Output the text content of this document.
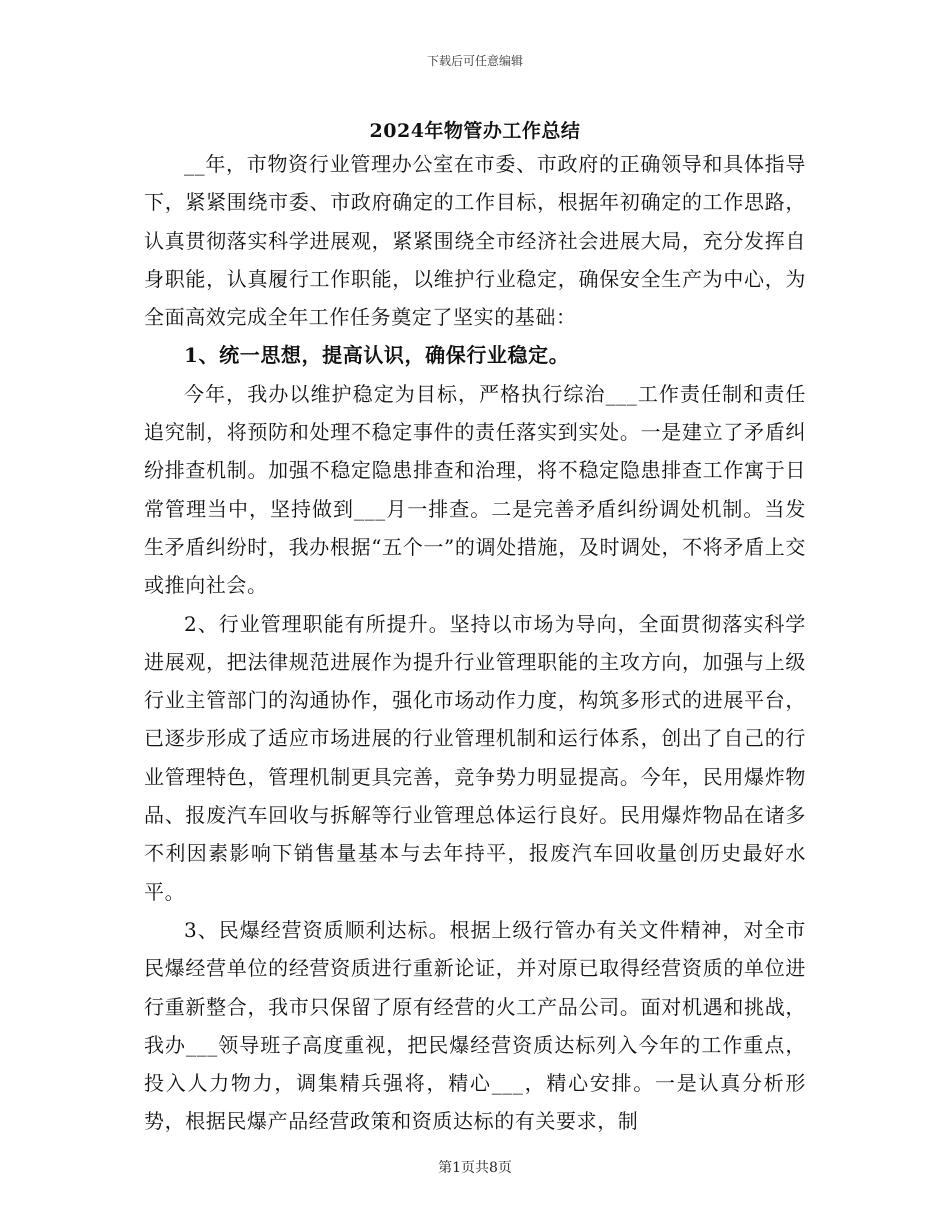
下载后可任意编辑
2024年物管办工作总结

__年，市物资行业管理办公室在市委、市政府的正确领导和具体指导下，紧紧围绕市委、市政府确定的工作目标，根据年初确定的工作思路，认真贯彻落实科学进展观，紧紧围绕全市经济社会进展大局，充分发挥自身职能，认真履行工作职能，以维护行业稳定，确保安全生产为中心，为全面高效完成全年工作任务奠定了坚实的基础：

1、统一思想，提高认识，确保行业稳定。

今年，我办以维护稳定为目标，严格执行综治___工作责任制和责任追究制，将预防和处理不稳定事件的责任落实到实处。一是建立了矛盾纠纷排查机制。加强不稳定隐患排查和治理，将不稳定隐患排查工作寓于日常管理当中，坚持做到___月一排查。二是完善矛盾纠纷调处机制。当发生矛盾纠纷时，我办根据“五个一”的调处措施，及时调处，不将矛盾上交或推向社会。

2、行业管理职能有所提升。坚持以市场为导向，全面贯彻落实科学进展观，把法律规范进展作为提升行业管理职能的主攻方向，加强与上级行业主管部门的沟通协作，强化市场动作力度，构筑多形式的进展平台，已逐步形成了适应市场进展的行业管理机制和运行体系，创出了自己的行业管理特色，管理机制更具完善，竞争势力明显提高。今年，民用爆炸物品、报废汽车回收与拆解等行业管理总体运行良好。民用爆炸物品在诸多不利因素影响下销售量基本与去年持平，报废汽车回收量创历史最好水平。

3、民爆经营资质顺利达标。根据上级行管办有关文件精神，对全市民爆经营单位的经营资质进行重新论证，并对原已取得经营资质的单位进行重新整合，我市只保留了原有经营的火工产品公司。面对机遇和挑战，我办___领导班子高度重视，把民爆经营资质达标列入今年的工作重点，投入人力物力，调集精兵强将，精心___，精心安排。一是认真分析形势，根据民爆产品经营政策和资质达标的有关要求，制

第1页共8页
